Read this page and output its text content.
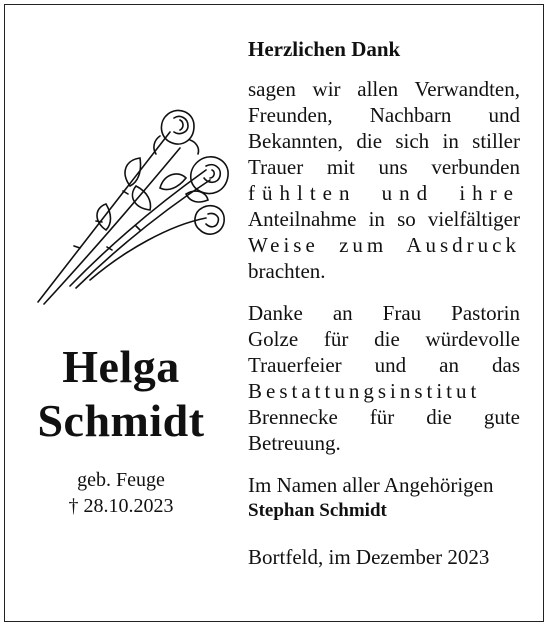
Helga
Schmidt
geb. Feuge
† 28.10.2023
Herzlichen Dank
sagen wir allen Verwandten,
Freunden, Nachbarn und
Bekannten, die sich in stiller
Trauer mit uns verbunden
fühlten und ihre
Anteilnahme in so vielfältiger
Weise zum Ausdruck
brachten.
Danke an Frau Pastorin
Golze für die würdevolle
Trauerfeier und an das
Bestattungsinstitut
Brennecke für die gute
Betreuung.
Im Namen aller Angehörigen
Stephan Schmidt
Bortfeld, im Dezember 2023
